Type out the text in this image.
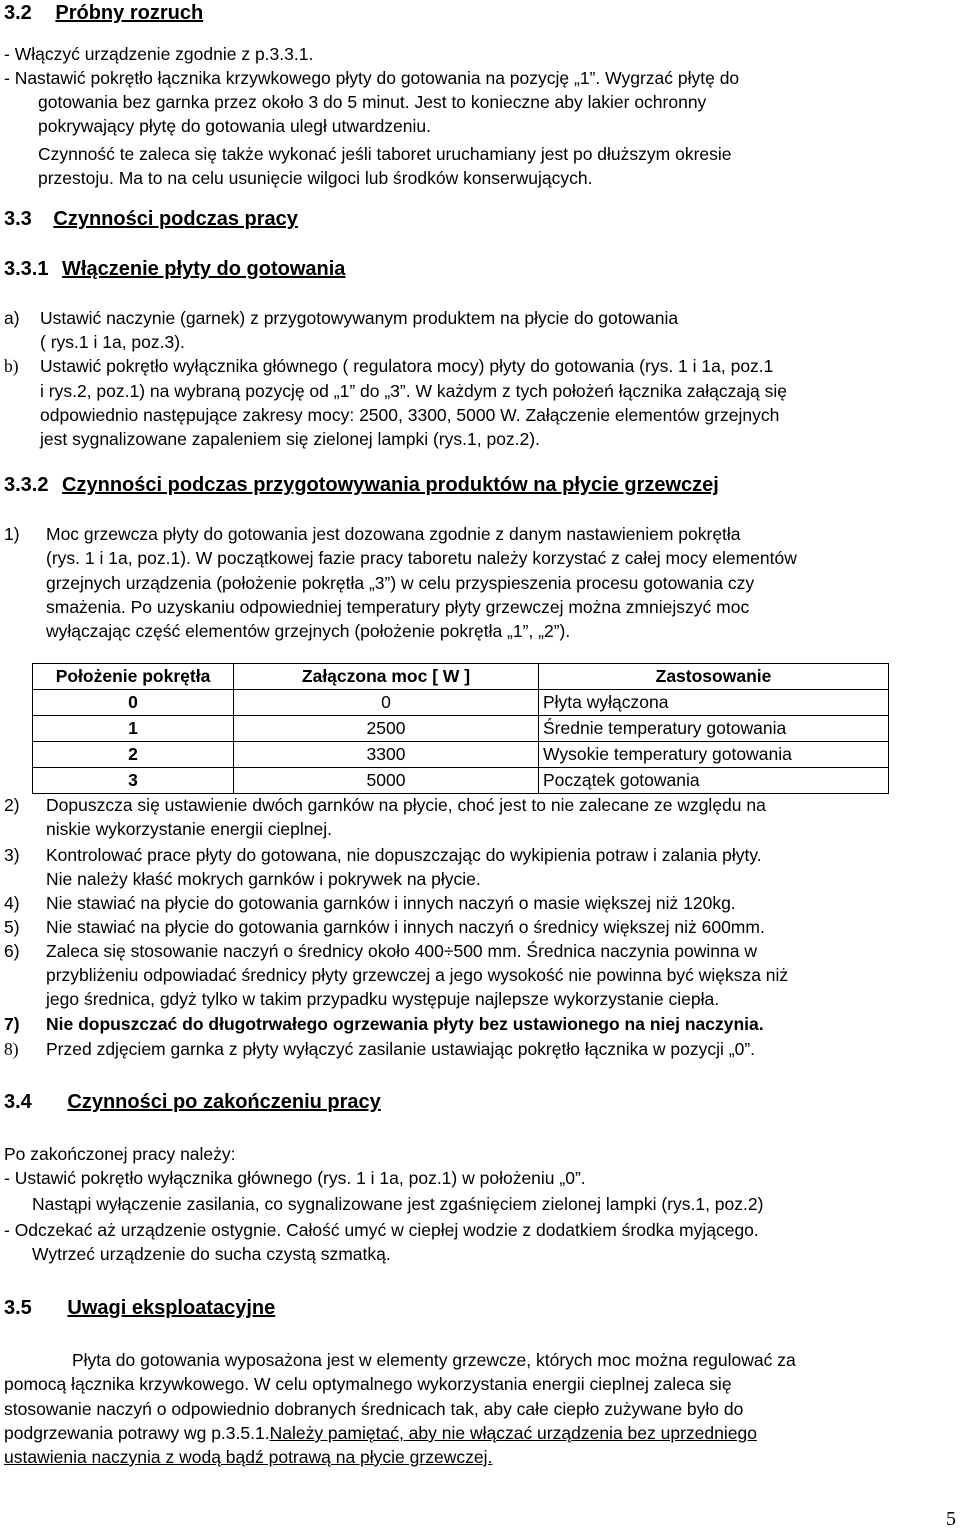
3.2 Próbny rozruch
- Włączyć urządzenie zgodnie z p.3.3.1.
- Nastawić pokrętło łącznika krzywkowego płyty do gotowania na pozycję „1”. Wygrzać płytę do
gotowania bez garnka przez około 3 do 5 minut. Jest to konieczne aby lakier ochronny
pokrywający płytę do gotowania uległ utwardzeniu.
Czynność te zaleca się także wykonać jeśli taboret uruchamiany jest po dłuższym okresie
przestoju. Ma to na celu usunięcie wilgoci lub środków konserwujących.
3.3 Czynności podczas pracy
3.3.1 Włączenie płyty do gotowania
a) Ustawić naczynie (garnek) z przygotowywanym produktem na płycie do gotowania
( rys.1 i 1a, poz.3).
b) Ustawić pokrętło wyłącznika głównego ( regulatora mocy) płyty do gotowania (rys. 1 i 1a, poz.1
i rys.2, poz.1) na wybraną pozycję od „1” do „3”. W każdym z tych położeń łącznika załączają się
odpowiednio następujące zakresy mocy: 2500, 3300, 5000 W. Załączenie elementów grzejnych
jest sygnalizowane zapaleniem się zielonej lampki (rys.1, poz.2).
3.3.2 Czynności podczas przygotowywania produktów na płycie grzewczej
1) Moc grzewcza płyty do gotowania jest dozowana zgodnie z danym nastawieniem pokrętła
(rys. 1 i 1a, poz.1). W początkowej fazie pracy taboretu należy korzystać z całej mocy elementów
grzejnych urządzenia (położenie pokrętła „3”) w celu przyspieszenia procesu gotowania czy
smażenia. Po uzyskaniu odpowiedniej temperatury płyty grzewczej można zmniejszyć moc
wyłączając część elementów grzejnych (położenie pokrętła „1”, „2”).
Położenie pokrętła	Załączona moc [ W ]	Zastosowanie
0	0	Płyta wyłączona
1	2500	Średnie temperatury gotowania
2	3300	Wysokie temperatury gotowania
3	5000	Początek gotowania
2) Dopuszcza się ustawienie dwóch garnków na płycie, choć jest to nie zalecane ze względu na
niskie wykorzystanie energii cieplnej.
3) Kontrolować prace płyty do gotowana, nie dopuszczając do wykipienia potraw i zalania płyty.
Nie należy kłaść mokrych garnków i pokrywek na płycie.
4) Nie stawiać na płycie do gotowania garnków i innych naczyń o masie większej niż 120kg.
5) Nie stawiać na płycie do gotowania garnków i innych naczyń o średnicy większej niż 600mm.
6) Zaleca się stosowanie naczyń o średnicy około 400÷500 mm. Średnica naczynia powinna w
przybliżeniu odpowiadać średnicy płyty grzewczej a jego wysokość nie powinna być większa niż
jego średnica, gdyż tylko w takim przypadku występuje najlepsze wykorzystanie ciepła.
7) Nie dopuszczać do długotrwałego ogrzewania płyty bez ustawionego na niej naczynia.
8) Przed zdjęciem garnka z płyty wyłączyć zasilanie ustawiając pokrętło łącznika w pozycji „0”.
3.4 Czynności po zakończeniu pracy
Po zakończonej pracy należy:
- Ustawić pokrętło wyłącznika głównego (rys. 1 i 1a, poz.1) w położeniu „0”.
Nastąpi wyłączenie zasilania, co sygnalizowane jest zgaśnięciem zielonej lampki (rys.1, poz.2)
- Odczekać aż urządzenie ostygnie. Całość umyć w ciepłej wodzie z dodatkiem środka myjącego.
Wytrzeć urządzenie do sucha czystą szmatką.
3.5 Uwagi eksploatacyjne
Płyta do gotowania wyposażona jest w elementy grzewcze, których moc można regulować za
pomocą łącznika krzywkowego. W celu optymalnego wykorzystania energii cieplnej zaleca się
stosowanie naczyń o odpowiednio dobranych średnicach tak, aby całe ciepło zużywane było do
podgrzewania potrawy wg p.3.5.1.Należy pamiętać, aby nie włączać urządzenia bez uprzedniego
ustawienia naczynia z wodą bądź potrawą na płycie grzewczej.
5
